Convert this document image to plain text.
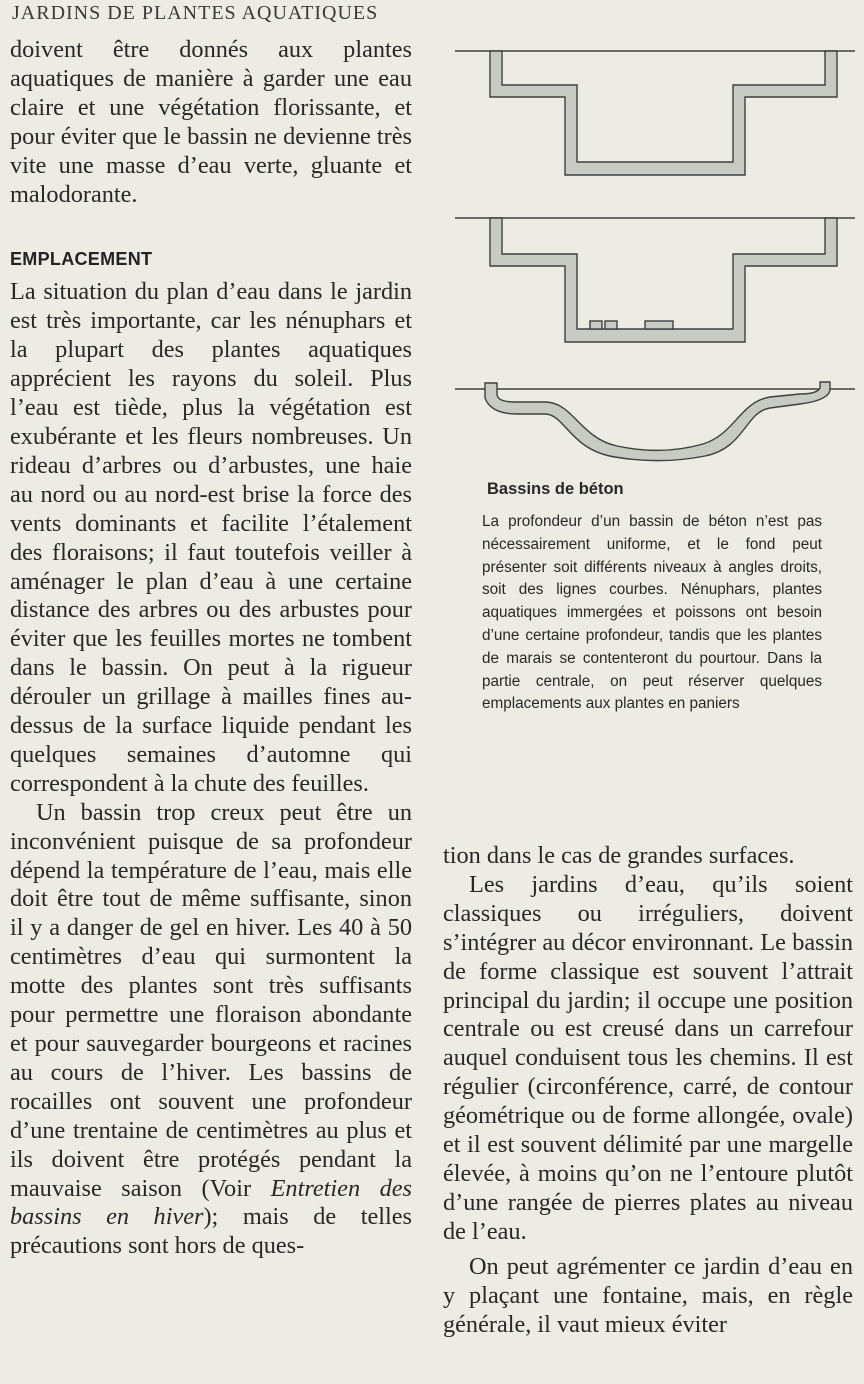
JARDINS DE PLANTES AQUATIQUES

doivent être donnés aux plantes aquatiques de manière à garder une eau claire et une végétation florissante, et pour éviter que le bassin ne devienne très vite une masse d’eau verte, gluante et malodorante.

EMPLACEMENT

La situation du plan d’eau dans le jardin est très importante, car les nénuphars et la plupart des plantes aquatiques apprécient les rayons du soleil. Plus l’eau est tiède, plus la végétation est exubérante et les fleurs nombreuses. Un rideau d’arbres ou d’arbustes, une haie au nord ou au nord-est brise la force des vents dominants et facilite l’étalement des floraisons; il faut toutefois veiller à aménager le plan d’eau à une certaine distance des arbres ou des arbustes pour éviter que les feuilles mortes ne tombent dans le bassin. On peut à la rigueur dérouler un grillage à mailles fines au-dessus de la surface liquide pendant les quelques semaines d’automne qui correspondent à la chute des feuilles.

Un bassin trop creux peut être un inconvénient puisque de sa profondeur dépend la température de l’eau, mais elle doit être tout de même suffisante, sinon il y a danger de gel en hiver. Les 40 à 50 centimètres d’eau qui surmontent la motte des plantes sont très suffisants pour permettre une floraison abondante et pour sauvegarder bourgeons et racines au cours de l’hiver. Les bassins de rocailles ont souvent une profondeur d’une trentaine de centimètres au plus et ils doivent être protégés pendant la mauvaise saison (Voir Entretien des bassins en hiver); mais de telles précautions sont hors de ques-

Bassins de béton

La profondeur d’un bassin de béton n’est pas nécessairement uniforme, et le fond peut présenter soit différents niveaux à angles droits, soit des lignes courbes. Nénuphars, plantes aquatiques immergées et poissons ont besoin d’une certaine profondeur, tandis que les plantes de marais se contenteront du pourtour. Dans la partie centrale, on peut réserver quelques emplacements aux plantes en paniers

tion dans le cas de grandes surfaces.

Les jardins d’eau, qu’ils soient classiques ou irréguliers, doivent s’intégrer au décor environnant. Le bassin de forme classique est souvent l’attrait principal du jardin; il occupe une position centrale ou est creusé dans un carrefour auquel conduisent tous les chemins. Il est régulier (circonférence, carré, de contour géométrique ou de forme allongée, ovale) et il est souvent délimité par une margelle élevée, à moins qu’on ne l’entoure plutôt d’une rangée de pierres plates au niveau de l’eau.

On peut agrémenter ce jardin d’eau en y plaçant une fontaine, mais, en règle générale, il vaut mieux éviter
